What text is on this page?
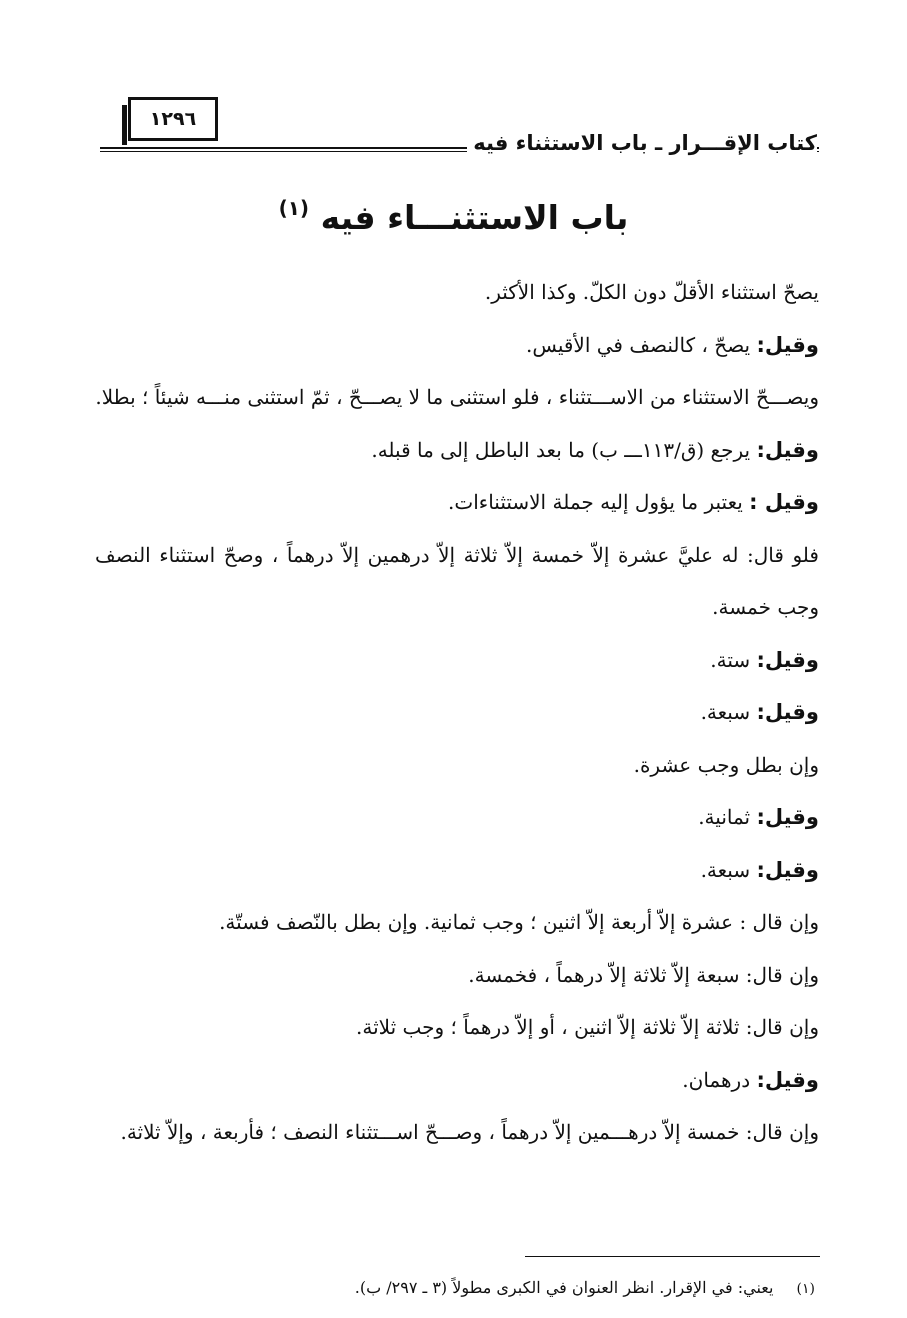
١٢٩٦
كتاب الإقـــرار ـ باب الاستثناء فيه
باب الاستثنـــاء فيه $^{(١)}$

يصحّ استثناء الأقلّ دون الكلّ. وكذا الأكثر.

وقيل: يصحّ ، كالنصف في الأقيس.

ويصـــحّ الاستثناء من الاســـتثناء ، فلو استثنى ما لا يصـــحّ ، ثمّ استثنى منـــه شيئاً ؛ بطلا.

وقيل: يرجع (ق/١١٣ـــ ب) ما بعد الباطل إلى ما قبله.

وقيل : يعتبر ما يؤول إليه جملة الاستثناءات.

فلو قال: له عليَّ عشرة إلاّ خمسة إلاّ ثلاثة إلاّ درهمين إلاّ درهماً ، وصحّ استثناء النصف وجب خمسة.

وقيل: ستة.

وقيل: سبعة.

وإن بطل وجب عشرة.

وقيل: ثمانية.

وقيل: سبعة.

وإن قال : عشرة إلاّ أربعة إلاّ اثنين ؛ وجب ثمانية. وإن بطل بالنّصف فستّة.

وإن قال: سبعة إلاّ ثلاثة إلاّ درهماً ، فخمسة.

وإن قال: ثلاثة إلاّ ثلاثة إلاّ اثنين ، أو إلاّ درهماً ؛ وجب ثلاثة.

وقيل: درهمان.

وإن قال: خمسة إلاّ درهـــمين إلاّ درهماً ، وصـــحّ اســـتثناء النصف ؛ فأربعة ، وإلاّ ثلاثة.

(١) يعني: في الإقرار. انظر العنوان في الكبرى مطولاً (٣ ـ ٢٩٧/ ب).
